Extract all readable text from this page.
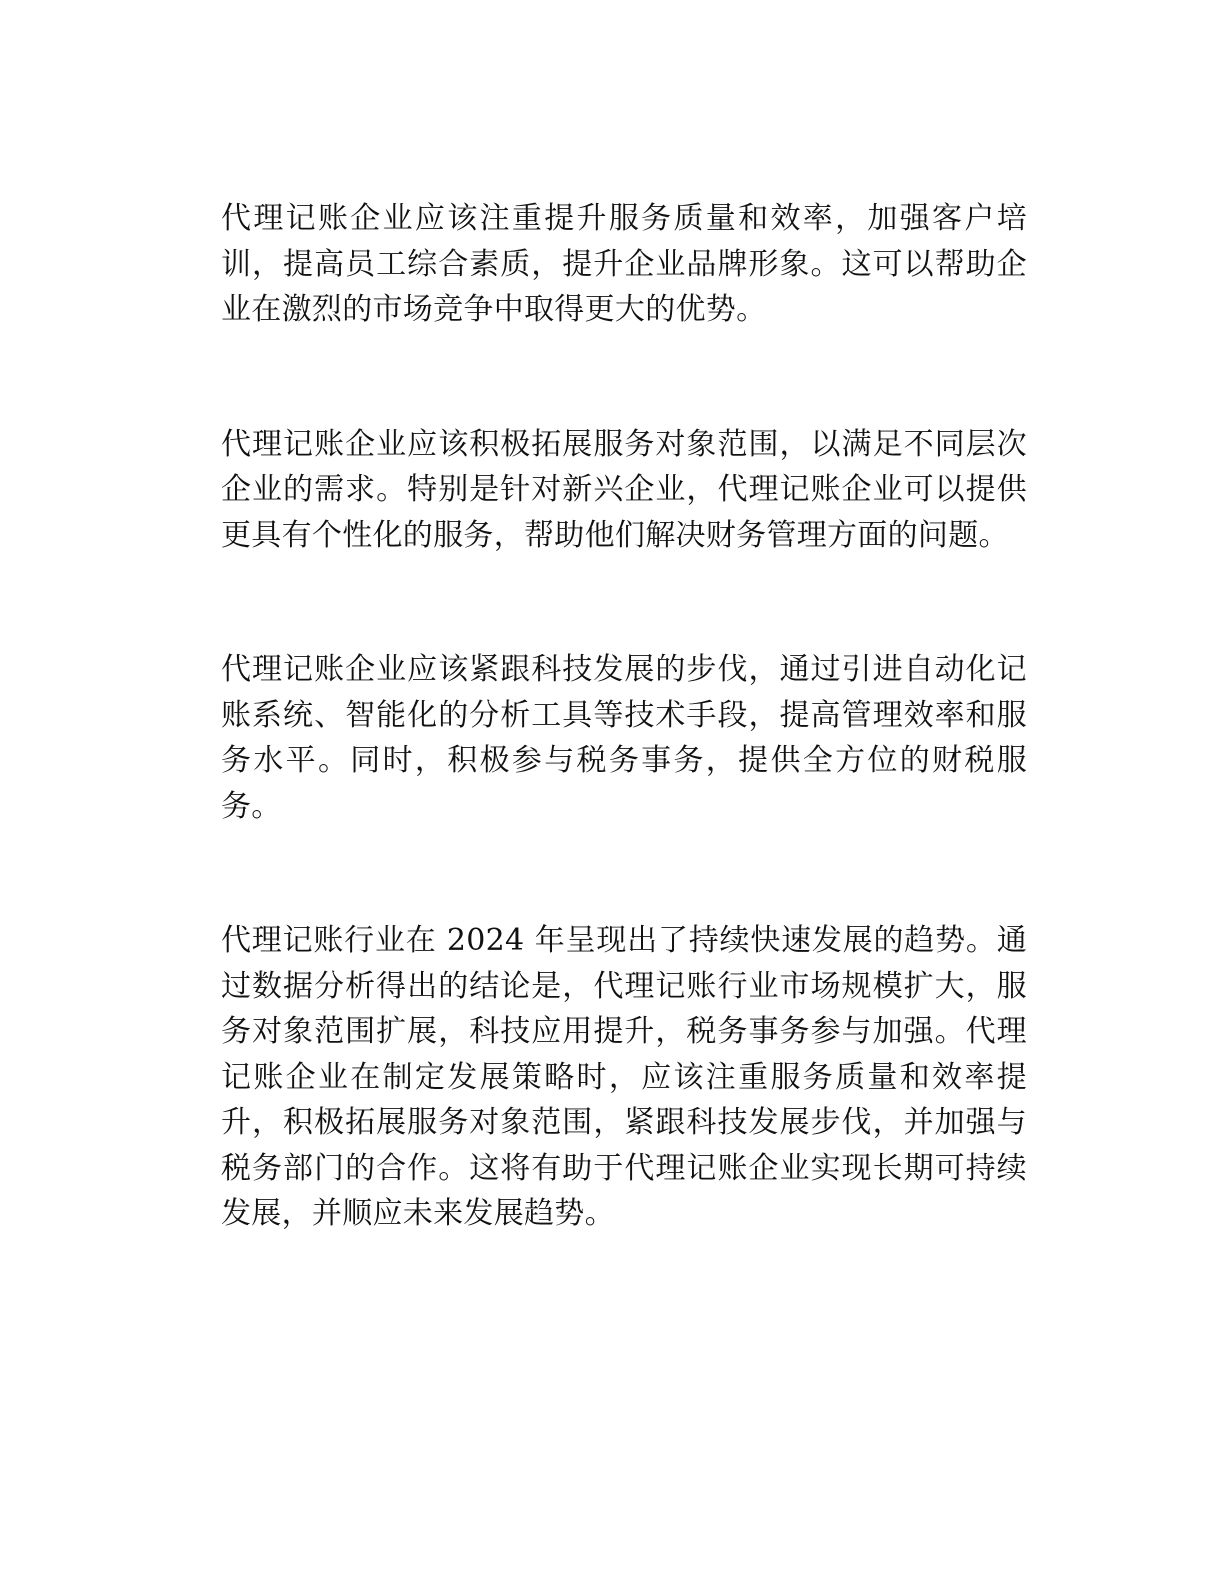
代理记账企业应该注重提升服务质量和效率，加强客户培训，提高员工综合素质，提升企业品牌形象。这可以帮助企业在激烈的市场竞争中取得更大的优势。

代理记账企业应该积极拓展服务对象范围，以满足不同层次企业的需求。特别是针对新兴企业，代理记账企业可以提供更具有个性化的服务，帮助他们解决财务管理方面的问题。

代理记账企业应该紧跟科技发展的步伐，通过引进自动化记账系统、智能化的分析工具等技术手段，提高管理效率和服务水平。同时，积极参与税务事务，提供全方位的财税服务。

代理记账行业在 2024 年呈现出了持续快速发展的趋势。通过数据分析得出的结论是，代理记账行业市场规模扩大，服务对象范围扩展，科技应用提升，税务事务参与加强。代理记账企业在制定发展策略时，应该注重服务质量和效率提升，积极拓展服务对象范围，紧跟科技发展步伐，并加强与税务部门的合作。这将有助于代理记账企业实现长期可持续发展，并顺应未来发展趋势。
